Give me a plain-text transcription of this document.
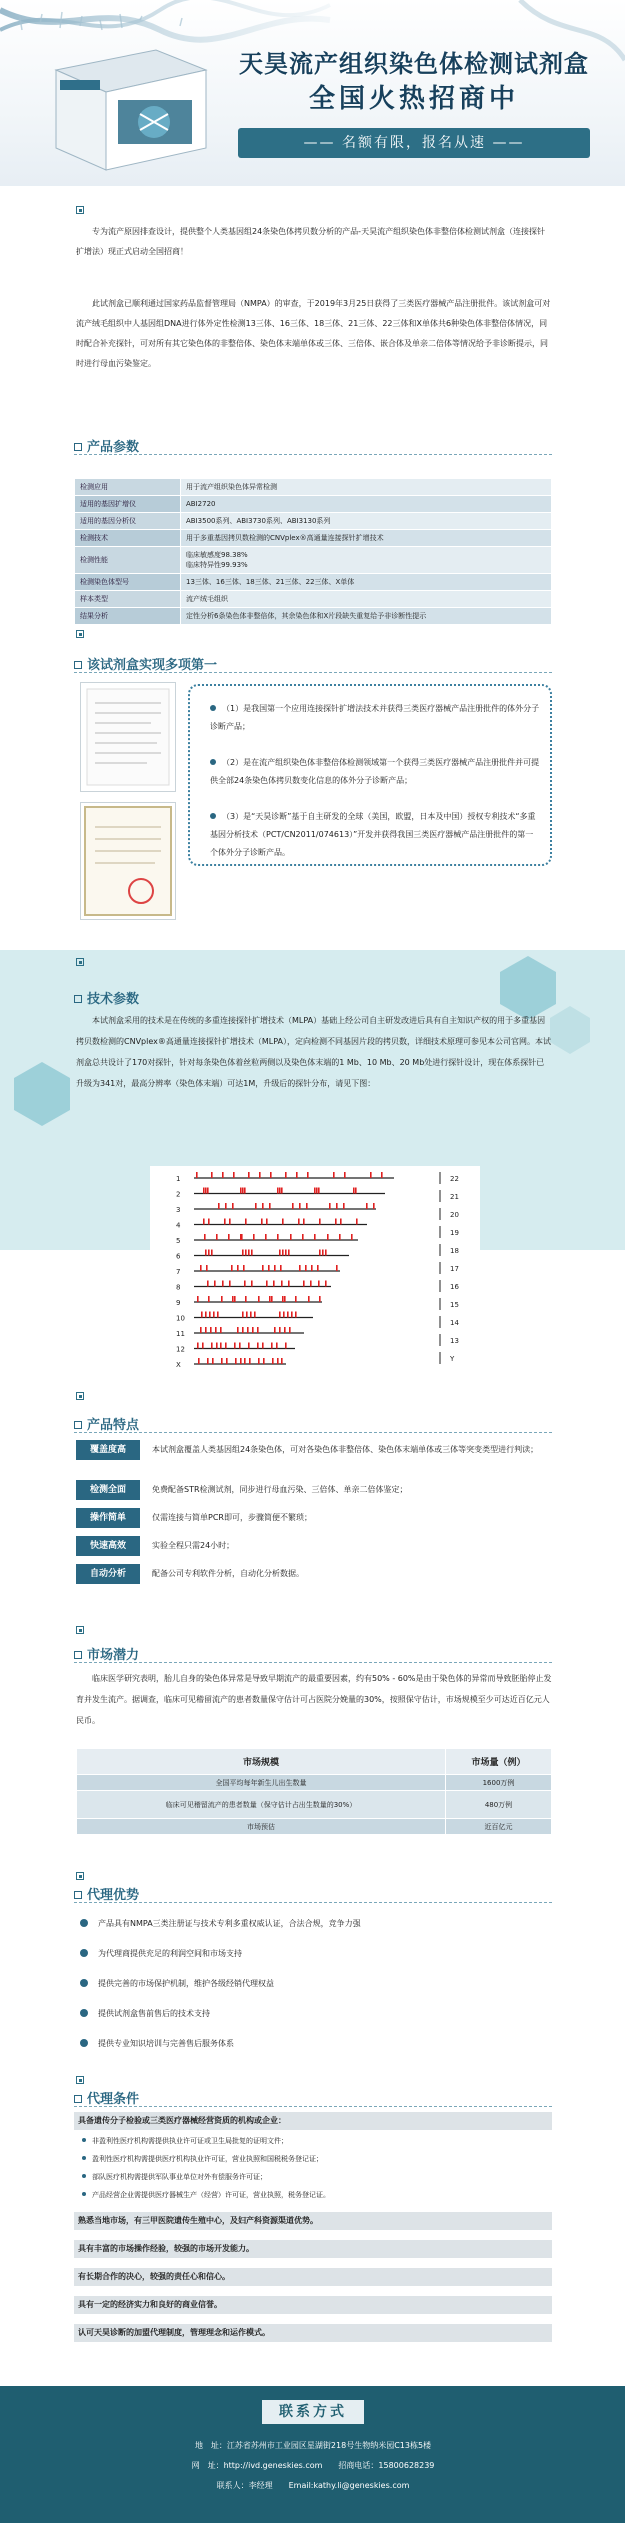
天昊流产组织染色体检测试剂盒
全国火热招商中
—— 名额有限，报名从速 ——
专为流产原因排查设计，提供整个人类基因组24条染色体拷贝数分析的产品-天昊流产组织染色体非整倍体检测试剂盒（连接探针扩增法）现正式启动全国招商！
此试剂盒已顺利通过国家药品监督管理局（NMPA）的审查，于2019年3月25日获得了三类医疗器械产品注册批件。该试剂盒可对流产绒毛组织中人基因组DNA进行体外定性检测13三体、16三体、18三体、21三体、22三体和X单体共6种染色体非整倍体情况，同时配合补充探针，可对所有其它染色体的非整倍体、染色体末端单体或三体、三倍体、嵌合体及单亲二倍体等情况给予非诊断提示，同时进行母血污染鉴定。
产品参数
检测应用	用于流产组织染色体异常检测

适用的基因扩增仪	ABI2720

适用的基因分析仪	ABI3500系列、ABI3730系列、ABI3130系列

检测技术	用于多重基因拷贝数检测的CNVplex®高通量连接探针扩增技术

检测性能	临床敏感度98.38%
临床特异性99.93%

检测染色体型号	13三体、16三体、18三体、21三体、22三体、X单体

样本类型	流产绒毛组织

结果分析	定性分析6条染色体非整倍体，其余染色体和X片段缺失重复给予非诊断性提示
该试剂盒实现多项第一
（1）是我国第一个应用连接探针扩增法技术并获得三类医疗器械产品注册批件的体外分子诊断产品；
（2）是在流产组织染色体非整倍体检测领域第一个获得三类医疗器械产品注册批件并可提供全部24条染色体拷贝数变化信息的体外分子诊断产品；
（3）是“天昊诊断”基于自主研发的全球（美国，欧盟，日本及中国）授权专利技术“多重基因分析技术（PCT/CN2011/074613）”开发并获得我国三类医疗器械产品注册批件的第一个体外分子诊断产品。
技术参数
本试剂盒采用的技术是在传统的多重连接探针扩增技术（MLPA）基础上经公司自主研发改进后具有自主知识产权的用于多重基因拷贝数检测的CNVplex®高通量连接探针扩增技术（MLPA），定向检测不同基因片段的拷贝数，详细技术原理可参见本公司官网。本试剂盒总共设计了170对探针，针对每条染色体着丝粒两侧以及染色体末端的1 Mb、10 Mb、20 Mb处进行探针设计，现在体系探针已升级为341对，最高分辨率（染色体末端）可达1M，升级后的探针分布，请见下图：
1
2
3
4
5
6
7
8
9
10
11
12
X
22
21
20
19
18
17
16
15
14
13
Y
产品特点
覆盖度高	本试剂盒覆盖人类基因组24条染色体，可对各染色体非整倍体、染色体末端单体或三体等突变类型进行判读；
检测全面	免费配备STR检测试剂，同步进行母血污染、三倍体、单亲二倍体鉴定；
操作简单	仅需连接与简单PCR即可，步骤简便不繁琐；
快速高效	实验全程只需24小时；
自动分析	配备公司专利软件分析，自动化分析数据。
市场潜力
临床医学研究表明，胎儿自身的染色体异常是导致早期流产的最重要因素，约有50% - 60%是由于染色体的异常而导致胚胎停止发育并发生流产。据调查，临床可见稽留流产的患者数量保守估计可占医院分娩量的30%，按照保守估计，市场规模至少可达近百亿元人民币。
市场规模	市场量（例）
全国平均每年新生儿出生数量	1600万例
临床可见稽留流产的患者数量（保守估计占出生数量的30%）	480万例
市场预估	近百亿元
代理优势
产品具有NMPA三类注册证与技术专利多重权威认证，合法合规，竞争力强
为代理商提供充足的利润空间和市场支持
提供完善的市场保护机制，维护各级经销代理权益
提供试剂盒售前售后的技术支持
提供专业知识培训与完善售后服务体系
代理条件
具备遗传分子检验或三类医疗器械经营资质的机构或企业：
非盈利性医疗机构需提供执业许可证或卫生局批复的证明文件；
盈利性医疗机构需提供医疗机构执业许可证，营业执照和国税税务登记证；
部队医疗机构需提供军队事业单位对外有偿服务许可证；
产品经营企业需提供医疗器械生产（经营）许可证，营业执照，税务登记证。
熟悉当地市场，有三甲医院遗传生殖中心，及妇产科资源渠道优势。
具有丰富的市场操作经验，较强的市场开发能力。
有长期合作的决心，较强的责任心和信心。
具有一定的经济实力和良好的商业信誉。
认可天昊诊断的加盟代理制度，管理理念和运作模式。
联系方式
地　址：江苏省苏州市工业园区星湖街218号生物纳米园C13栋5楼
网　址：http://ivd.geneskies.com　　招商电话：15800628239
联系人：李经理　　Email:kathy.li@geneskies.com
